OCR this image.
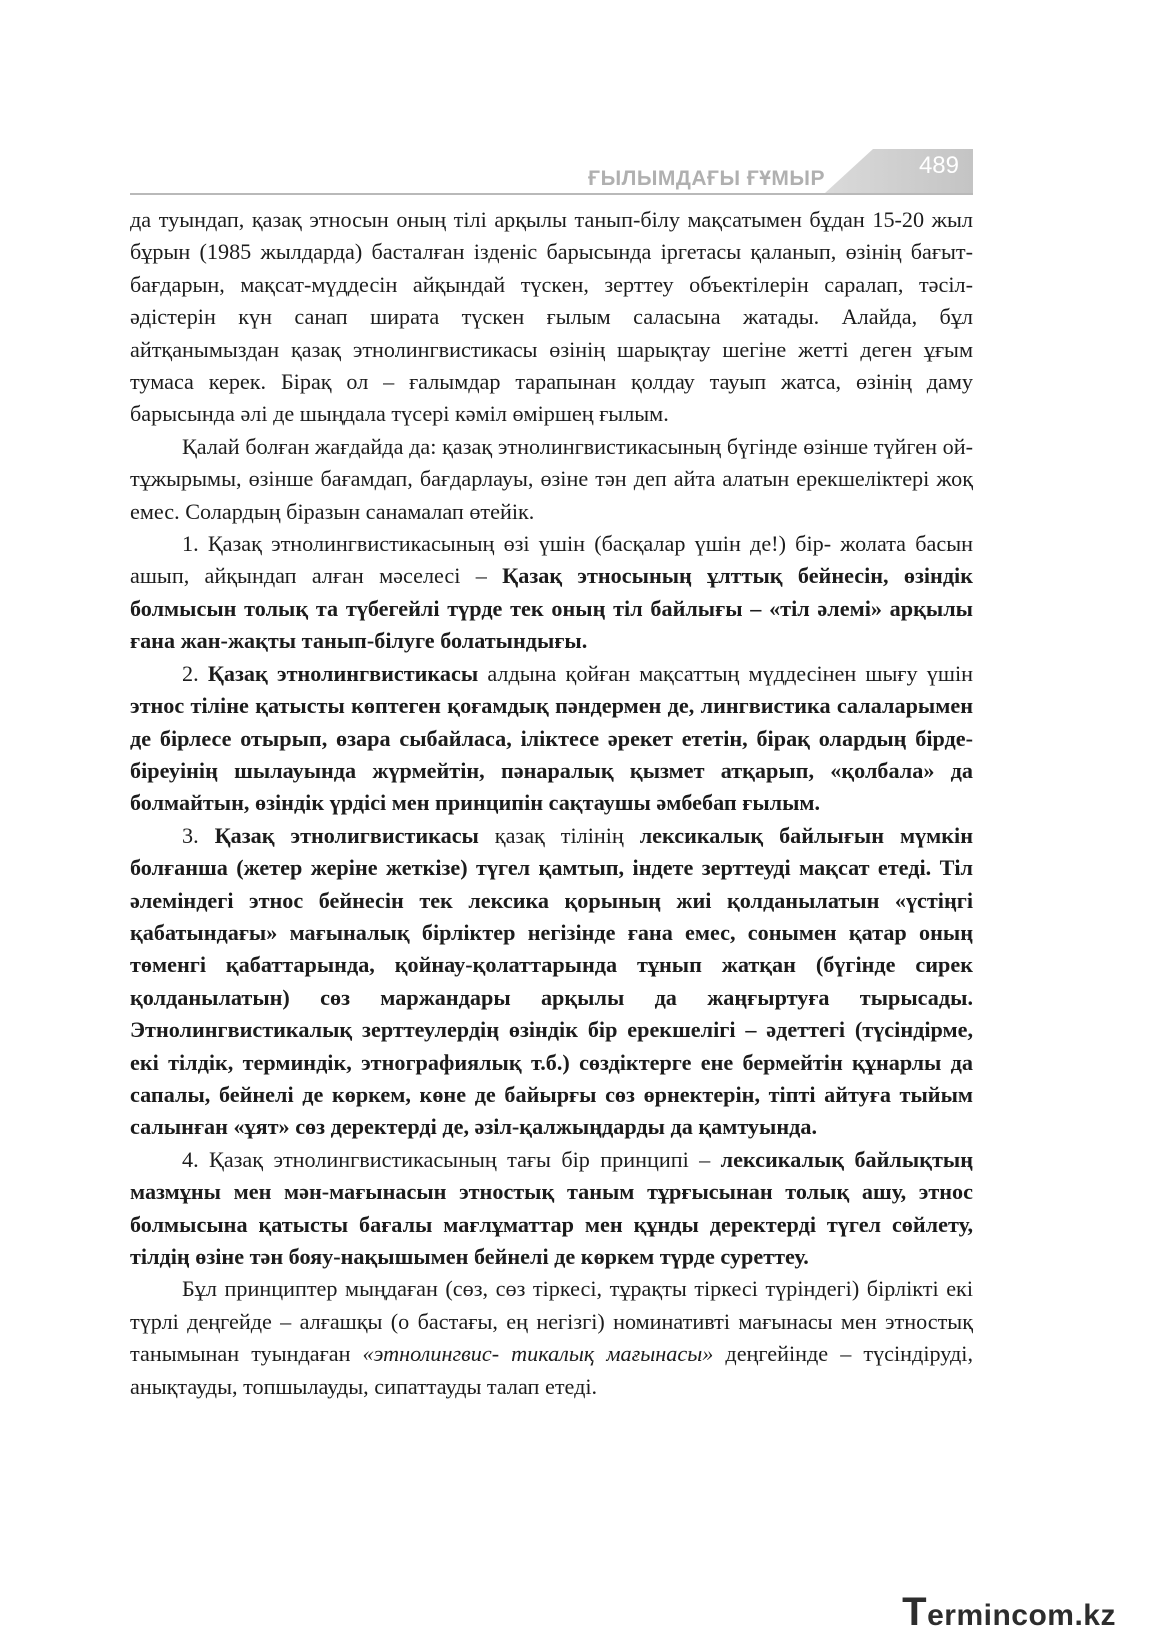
ҒЫЛЫМДАҒЫ ҒҰМЫР	489

да туындап, қазақ этносын оның тілі арқылы танып-білу мақсатымен бұдан 15-20 жыл бұрын (1985 жылдарда) басталған ізденіс барысында іргетасы қаланып, өзінің бағыт-бағдарын, мақсат-мүддесін айқындай түскен, зерттеу объектілерін саралап, тәсіл-әдістерін күн санап ширата түскен ғылым саласына жатады. Алайда, бұл айтқанымыздан қазақ этнолингвистикасы өзінің шарықтау шегіне жетті деген ұғым тумаса керек. Бірақ ол – ғалымдар тарапынан қолдау тауып жатса, өзінің даму барысында әлі де шыңдала түсері кәміл өміршең ғылым.

Қалай болған жағдайда да: қазақ этнолингвистикасының бүгінде өзінше түйген ой-тұжырымы, өзінше бағамдап, бағдарлауы, өзіне тән деп айта алатын ерекшеліктері жоқ емес. Солардың біразын санамалап өтейік.

1. Қазақ этнолингвистикасының өзі үшін (басқалар үшін де!) бір- жолата басын ашып, айқындап алған мәселесі – Қазақ этносының ұлттық бейнесін, өзіндік болмысын толық та түбегейлі түрде тек оның тіл байлығы – «тіл әлемі» арқылы ғана жан-жақты танып-білуге болатындығы.

2. Қазақ этнолингвистикасы алдына қойған мақсаттың мүддесінен шығу үшін этнос тіліне қатысты көптеген қоғамдық пәндермен де, лингвистика салаларымен де бірлесе отырып, өзара сыбайласа, іліктесе әрекет ететін, бірақ олардың бірде-біреуінің шылауында жүрмейтін, пәнаралық қызмет атқарып, «қолбала» да болмайтын, өзіндік үрдісі мен принципін сақтаушы әмбебап ғылым.

3. Қазақ этнолигвистикасы қазақ тілінің лексикалық байлығын мүмкін болғанша (жетер жеріне жеткізе) түгел қамтып, індете зерттеуді мақсат етеді. Тіл әлеміндегі этнос бейнесін тек лексика қорының жиі қолданылатын «үстіңгі қабатындағы» мағыналық бірліктер негізінде ғана емес, сонымен қатар оның төменгі қабаттарында, қойнау-қолаттарында тұнып жатқан (бүгінде сирек қолданылатын) сөз маржандары арқылы да жаңғыртуға тырысады. Этнолингвистикалық зерттеулердің өзіндік бір ерекшелігі – әдеттегі (түсіндірме, екі тілдік, терминдік, этнографиялық т.б.) сөздіктерге ене бермейтін құнарлы да сапалы, бейнелі де көркем, көне де байырғы сөз өрнектерін, тіпті айтуға тыйым салынған «ұят» сөз деректерді де, әзіл-қалжыңдарды да қамтуында.

4. Қазақ этнолингвистикасының тағы бір принципі – лексикалық байлықтың мазмұны мен мән-мағынасын этностық таным тұрғысынан толық ашу, этнос болмысына қатысты бағалы мағлұматтар мен құнды деректерді түгел сөйлету, тілдің өзіне тән бояу-нақышымен бейнелі де көркем түрде суреттеу.

Бұл принциптер мыңдаған (сөз, сөз тіркесі, тұрақты тіркесі түріндегі) бірлікті екі түрлі деңгейде – алғашқы (о бастағы, ең негізгі) номинативті мағынасы мен этностық танымынан туындаған «этнолингвис- тикалық мағынасы» деңгейінде – түсіндіруді, анықтауды, топшылауды, сипаттауды талап етеді.

Termincom.kz
